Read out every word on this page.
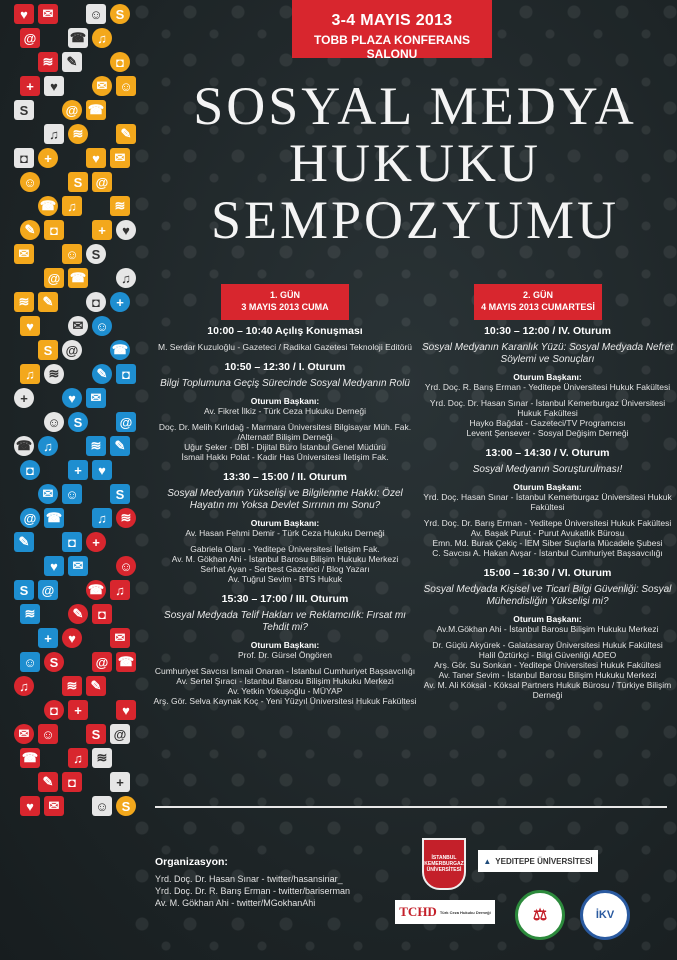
♥	✉	☺	S
@	☎ ♫
≋	✎	◘
+	♥	✉ ☺
S	@ ☎
♫	≋	✎
◘	+	♥	✉
☺	S	@
☎ ♫	≋
✎	◘	+	♥
✉	☺	S
@ ☎	♫
≋	✎	◘	+
♥	✉ ☺
S	@	☎
♫	≋	✎	◘
+	♥	✉
☺	S	@
☎ ♫	≋	✎
◘	+	♥
✉ ☺	S
@ ☎	♫	≋
✎	◘	+
♥	✉	☺
S	@	☎ ♫
≋	✎	◘
+	♥	✉
☺	S	@ ☎
♫	≋	✎
◘	+	♥
✉ ☺	S	@
☎	♫	≋
✎	◘	+
♥	✉	☺	S
3-4 MAYIS 2013
TOBB PLAZA KONFERANS SALONU
SOSYAL MEDYA
HUKUKU
SEMPOZYUMU
1. GÜN
3 MAYIS 2013 CUMA
2. GÜN
4 MAYIS 2013 CUMARTESİ
10:00 – 10:40 Açılış Konuşması
M. Serdar Kuzuloğlu - Gazeteci / Radikal Gazetesi Teknoloji Editörü
10:50 – 12:30 / I. Oturum
Bilgi Toplumuna Geçiş Sürecinde Sosyal Medyanın Rolü
Oturum Başkanı:
Av. Fikret İlkiz - Türk Ceza Hukuku Derneği
Doç. Dr. Melih Kırlıdağ - Marmara Üniversitesi Bilgisayar Müh. Fak. /Alternatif Bilişim Derneği
Uğur Şeker - DBİ - Dijital Büro İstanbul Genel Müdürü
İsmail Hakkı Polat - Kadir Has Üniversitesi İletişim Fak.
13:30 – 15:00 / II. Oturum
Sosyal Medyanın Yükselişi ve Bilgilenme Hakkı: Özel Hayatın mı Yoksa Devlet Sırrının mı Sonu?
Oturum Başkanı:
Av. Hasan Fehmi Demir - Türk Ceza Hukuku Derneği
Gabriela Olaru - Yeditepe Üniversitesi İletişim Fak.
Av. M. Gökhan Ahi - İstanbul Barosu Bilişim Hukuku Merkezi
Serhat Ayan - Serbest Gazeteci / Blog Yazarı
Av. Tuğrul Sevim - BTS Hukuk
15:30 – 17:00 / III. Oturum
Sosyal Medyada Telif Hakları ve Reklamcılık: Fırsat mı Tehdit mi?
Oturum Başkanı:
Prof. Dr. Gürsel Öngören
Cumhuriyet Savcısı İsmail Onaran - İstanbul Cumhuriyet Başsavcılığı
Av. Sertel Şıracı - İstanbul Barosu Bilişim Hukuku Merkezi
Av. Yetkin Yokuşoğlu - MÜYAP
Arş. Gör. Selva Kaynak Koç - Yeni Yüzyıl Üniversitesi Hukuk Fakültesi
10:30 – 12:00 / IV. Oturum
Sosyal Medyanın Karanlık Yüzü: Sosyal Medyada Nefret Söylemi ve Sonuçları
Oturum Başkanı:
Yrd. Doç. R. Barış Erman - Yeditepe Üniversitesi Hukuk Fakültesi
Yrd. Doç. Dr. Hasan Sınar - İstanbul Kemerburgaz Üniversitesi Hukuk Fakültesi
Hayko Bağdat - Gazeteci/TV Programcısı
Levent Şensever - Sosyal Değişim Derneği
13:00 – 14:30 / V. Oturum
Sosyal Medyanın Soruşturulması!
Oturum Başkanı:
Yrd. Doç. Hasan Sınar - İstanbul Kemerburgaz Üniversitesi Hukuk Fakültesi
Yrd. Doç. Dr. Barış Erman - Yeditepe Üniversitesi Hukuk Fakültesi
Av. Başak Purut - Purut Avukatlık Bürosu
Emn. Md. Burak Çekiç - İEM Siber Suçlarla Mücadele Şubesi
C. Savcısı A. Hakan Avşar - İstanbul Cumhuriyet Başsavcılığı
15:00 – 16:30 / VI. Oturum
Sosyal Medyada Kişisel ve Ticari Bilgi Güvenliği: Sosyal Mühendisliğin Yükselişi mi?
Oturum Başkanı:
Av.M.Gökhan Ahi - İstanbul Barosu Bilişim Hukuku Merkezi
Dr. Güçlü Akyürek - Galatasaray Üniversitesi Hukuk Fakültesi
Halil Öztürkçi - Bilgi Güvenliği ADEO
Arş. Gör. Su Sonkan - Yeditepe Üniversitesi Hukuk Fakültesi
Av. Taner Sevim - İstanbul Barosu Bilişim Hukuku Merkezi
Av. M. Ali Köksal - Köksal Partners Hukuk Bürosu / Türkiye Bilişim Derneği
Organizasyon:
Yrd. Doç. Dr. Hasan Sınar - twitter/hasansinar_
Yrd. Doç. Dr. R. Barış Erman - twitter/bariserman
Av. M. Gökhan Ahi - twitter/MGokhanAhi
İSTANBUL KEMERBURGAZ ÜNİVERSİTESİ
▲ YEDITEPE ÜNİVERSİTESİ
TCHD Türk Ceza Hukuku Derneği	⚖	İKV
